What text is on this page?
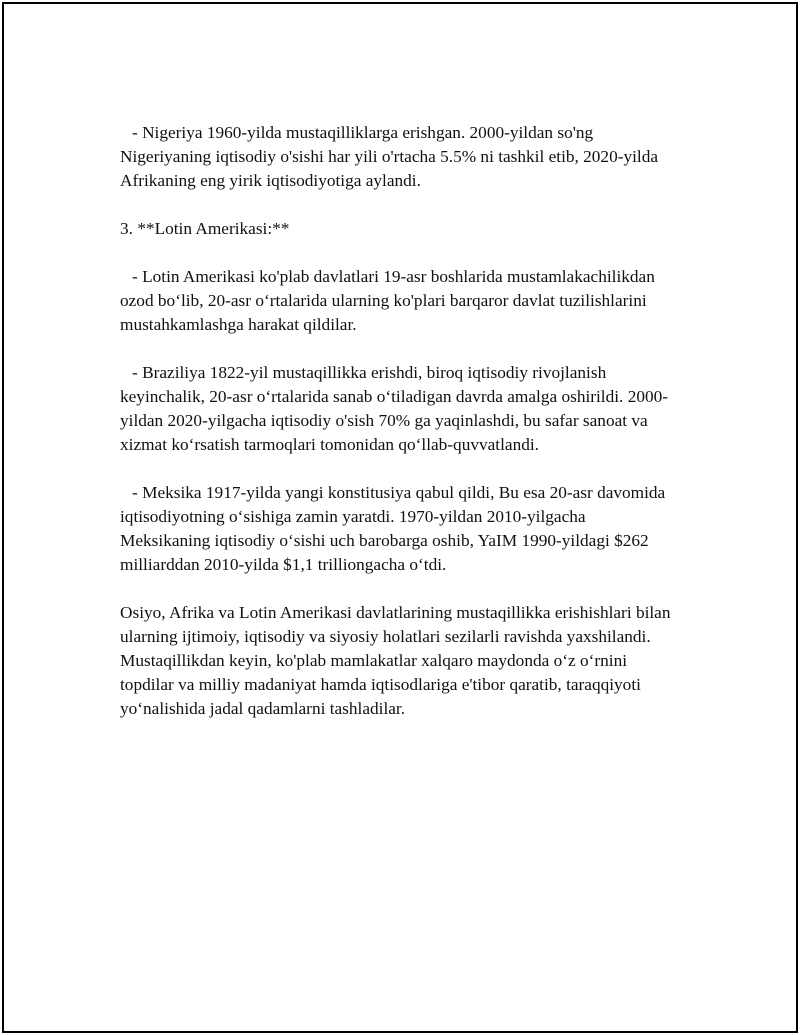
- Nigeriya 1960-yilda mustaqilliklarga erishgan. 2000-yildan so'ng Nigeriyaning iqtisodiy o'sishi har yili o'rtacha 5.5% ni tashkil etib, 2020-yilda Afrikaning eng yirik iqtisodiyotiga aylandi.

3. **Lotin Amerikasi:**

- Lotin Amerikasi ko'plab davlatlari 19-asr boshlarida mustamlakachilikdan ozod bo‘lib, 20-asr o‘rtalarida ularning ko'plari barqaror davlat tuzilishlarini mustahkamlashga harakat qildilar.

- Braziliya 1822-yil mustaqillikka erishdi, biroq iqtisodiy rivojlanish keyinchalik, 20-asr o‘rtalarida sanab o‘tiladigan davrda amalga oshirildi. 2000-yildan 2020-yilgacha iqtisodiy o'sish 70% ga yaqinlashdi, bu safar sanoat va xizmat ko‘rsatish tarmoqlari tomonidan qo‘llab-quvvatlandi.

- Meksika 1917-yilda yangi konstitusiya qabul qildi, Bu esa 20-asr davomida iqtisodiyotning o‘sishiga zamin yaratdi. 1970-yildan 2010-yilgacha Meksikaning iqtisodiy o‘sishi uch barobarga oshib, YaIM 1990-yildagi $262 milliarddan 2010-yilda $1,1 trilliongacha o‘tdi.

Osiyo, Afrika va Lotin Amerikasi davlatlarining mustaqillikka erishishlari bilan ularning ijtimoiy, iqtisodiy va siyosiy holatlari sezilarli ravishda yaxshilandi. Mustaqillikdan keyin, ko'plab mamlakatlar xalqaro maydonda o‘z o‘rnini topdilar va milliy madaniyat hamda iqtisodlariga e'tibor qaratib, taraqqiyoti yo‘nalishida jadal qadamlarni tashladilar.
